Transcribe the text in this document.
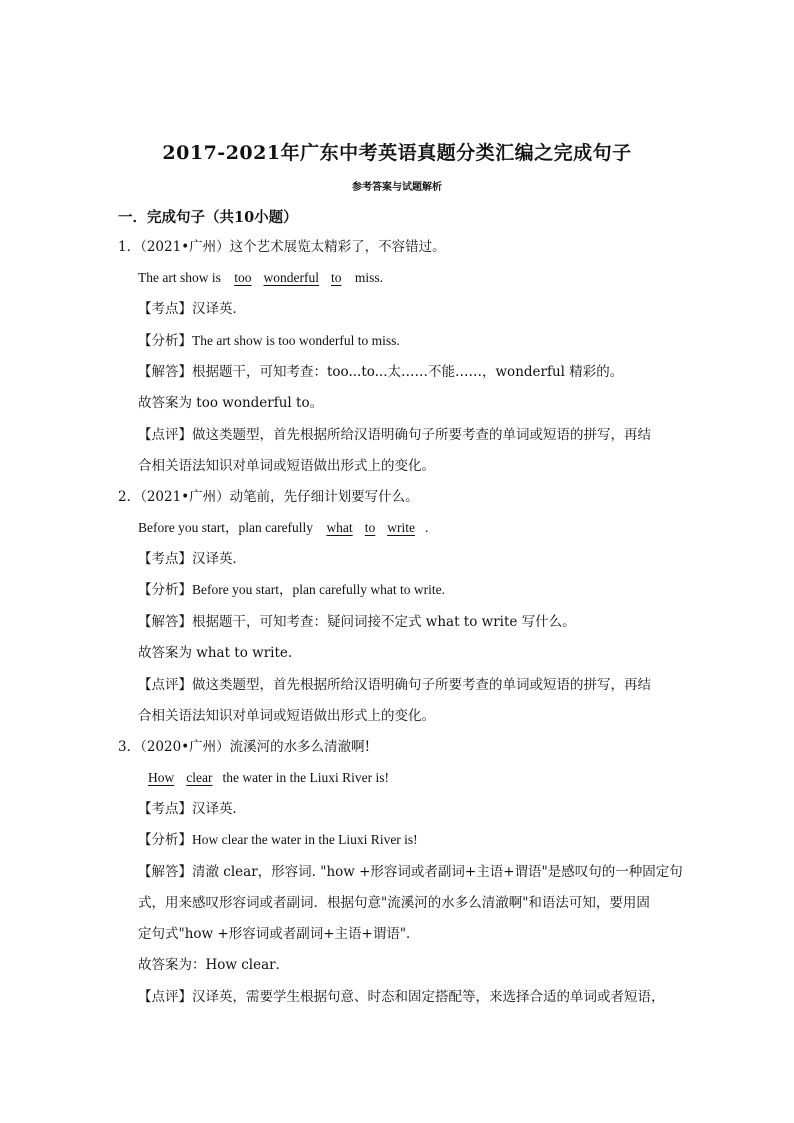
2017-2021年广东中考英语真题分类汇编之完成句子
参考答案与试题解析
一．完成句子（共10小题）
1．（2021•广州）这个艺术展览太精彩了，不容错过。
The art show is too wonderful to miss.
【考点】汉译英．
【分析】The art show is too wonderful to miss.
【解答】根据题干，可知考查：too...to...太……不能……，wonderful 精彩的。
故答案为 too wonderful to。
【点评】做这类题型，首先根据所给汉语明确句子所要考查的单词或短语的拼写，再结
合相关语法知识对单词或短语做出形式上的变化。
2．（2021•广州）动笔前，先仔细计划要写什么。
Before you start，plan carefully what to write .
【考点】汉译英．
【分析】Before you start，plan carefully what to write.
【解答】根据题干，可知考查：疑问词接不定式 what to write 写什么。
故答案为 what to write.
【点评】做这类题型，首先根据所给汉语明确句子所要考查的单词或短语的拼写，再结
合相关语法知识对单词或短语做出形式上的变化。
3．（2020•广州）流溪河的水多么清澈啊!
How clear the water in the Liuxi River is!
【考点】汉译英．
【分析】How clear the water in the Liuxi River is!
【解答】清澈 clear，形容词. "how +形容词或者副词+主语+谓语"是感叹句的一种固定句
式，用来感叹形容词或者副词．根据句意"流溪河的水多么清澈啊"和语法可知，要用固
定句式"how +形容词或者副词+主语+谓语"．
故答案为：How clear．
【点评】汉译英，需要学生根据句意、时态和固定搭配等，来选择合适的单词或者短语，
